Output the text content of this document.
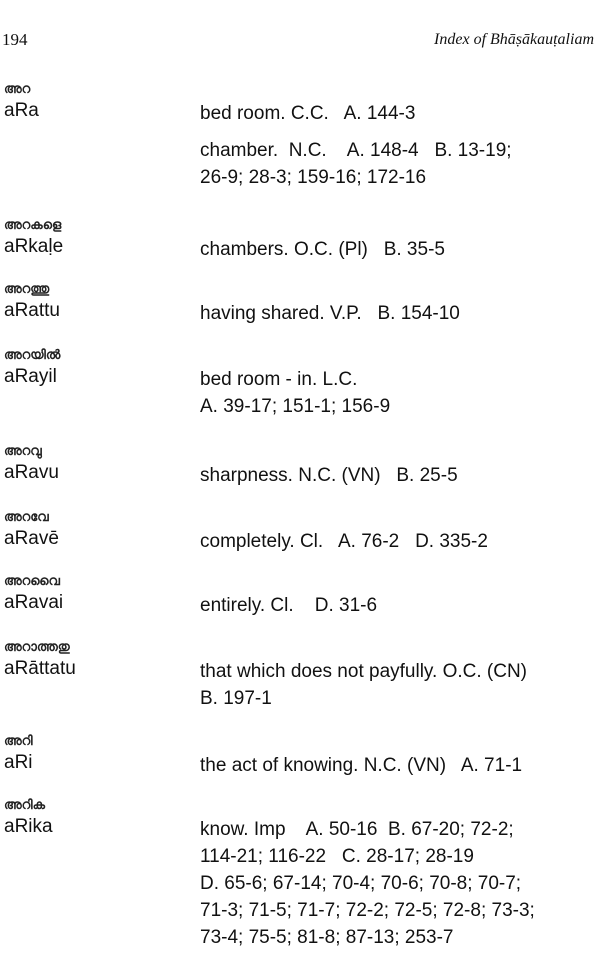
194	Index of Bhāṣākauṭaliam
അറ
aRa	bed room. C.C.   A. 144-3
chamber.  N.C.    A. 148-4   B. 13-19;
26-9; 28-3; 159-16; 172-16
അറകളെ
aRkaḷe	chambers. O.C. (Pl)   B. 35-5
അറത്തു
aRattu	having shared. V.P.   B. 154-10
അറയിൽ
aRayil	bed room - in. L.C.
A. 39-17; 151-1; 156-9
അറവു
aRavu	sharpness. N.C. (VN)   B. 25-5
അറവേ
aRavē	completely. Cl.   A. 76-2   D. 335-2
അറവൈ
aRavai	entirely. Cl.    D. 31-6
അറാത്തതു
aRāttatu	that which does not payfully. O.C. (CN)
B. 197-1
അറി
aRi	the act of knowing. N.C. (VN)   A. 71-1
അറിക
aRika	know. Imp    A. 50-16  B. 67-20; 72-2;
114-21; 116-22   C. 28-17; 28-19
D. 65-6; 67-14; 70-4; 70-6; 70-8; 70-7;
71-3; 71-5; 71-7; 72-2; 72-5; 72-8; 73-3;
73-4; 75-5; 81-8; 87-13; 253-7
